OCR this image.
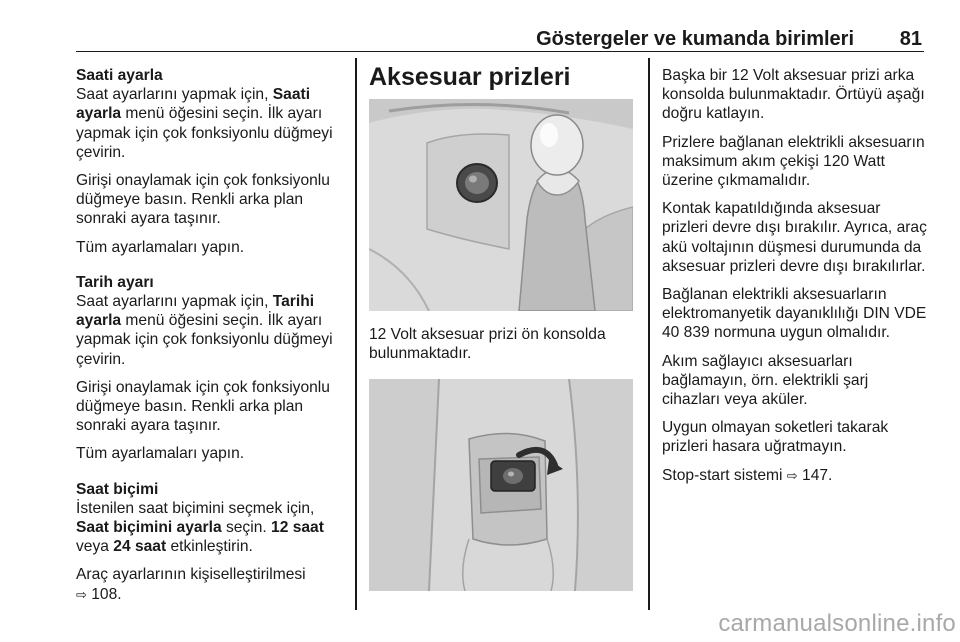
Göstergeler ve kumanda birimleri 81
Saati ayarla

Saat ayarlarını yapmak için, Saati ayarla menü öğesini seçin. İlk ayarı yapmak için çok fonksiyonlu düğmeyi çevirin.

Girişi onaylamak için çok fonksiyonlu düğmeye basın. Renkli arka plan sonraki ayara taşınır.

Tüm ayarlamaları yapın.

Tarih ayarı

Saat ayarlarını yapmak için, Tarihi ayarla menü öğesini seçin. İlk ayarı yapmak için çok fonksiyonlu düğmeyi çevirin.

Girişi onaylamak için çok fonksiyonlu düğmeye basın. Renkli arka plan sonraki ayara taşınır.

Tüm ayarlamaları yapın.

Saat biçimi

İstenilen saat biçimini seçmek için, Saat biçimini ayarla seçin. 12 saat veya 24 saat etkinleştirin.

Araç ayarlarının kişiselleştirilmesi
⇨ 108.

Aksesuar prizleri

12 Volt aksesuar prizi ön konsolda bulunmaktadır.

Başka bir 12 Volt aksesuar prizi arka konsolda bulunmaktadır. Örtüyü aşağı doğru katlayın.

Prizlere bağlanan elektrikli aksesuarın maksimum akım çekişi 120 Watt üzerine çıkmamalıdır.

Kontak kapatıldığında aksesuar prizleri devre dışı bırakılır. Ayrıca, araç akü voltajının düşmesi durumunda da aksesuar prizleri devre dışı bırakılırlar.

Bağlanan elektrikli aksesuarların elektromanyetik dayanıklılığı DIN VDE 40 839 normuna uygun olmalıdır.

Akım sağlayıcı aksesuarları bağlamayın, örn. elektrikli şarj cihazları veya aküler.

Uygun olmayan soketleri takarak prizleri hasara uğratmayın.

Stop-start sistemi ⇨ 147.

carmanualsonline.info
